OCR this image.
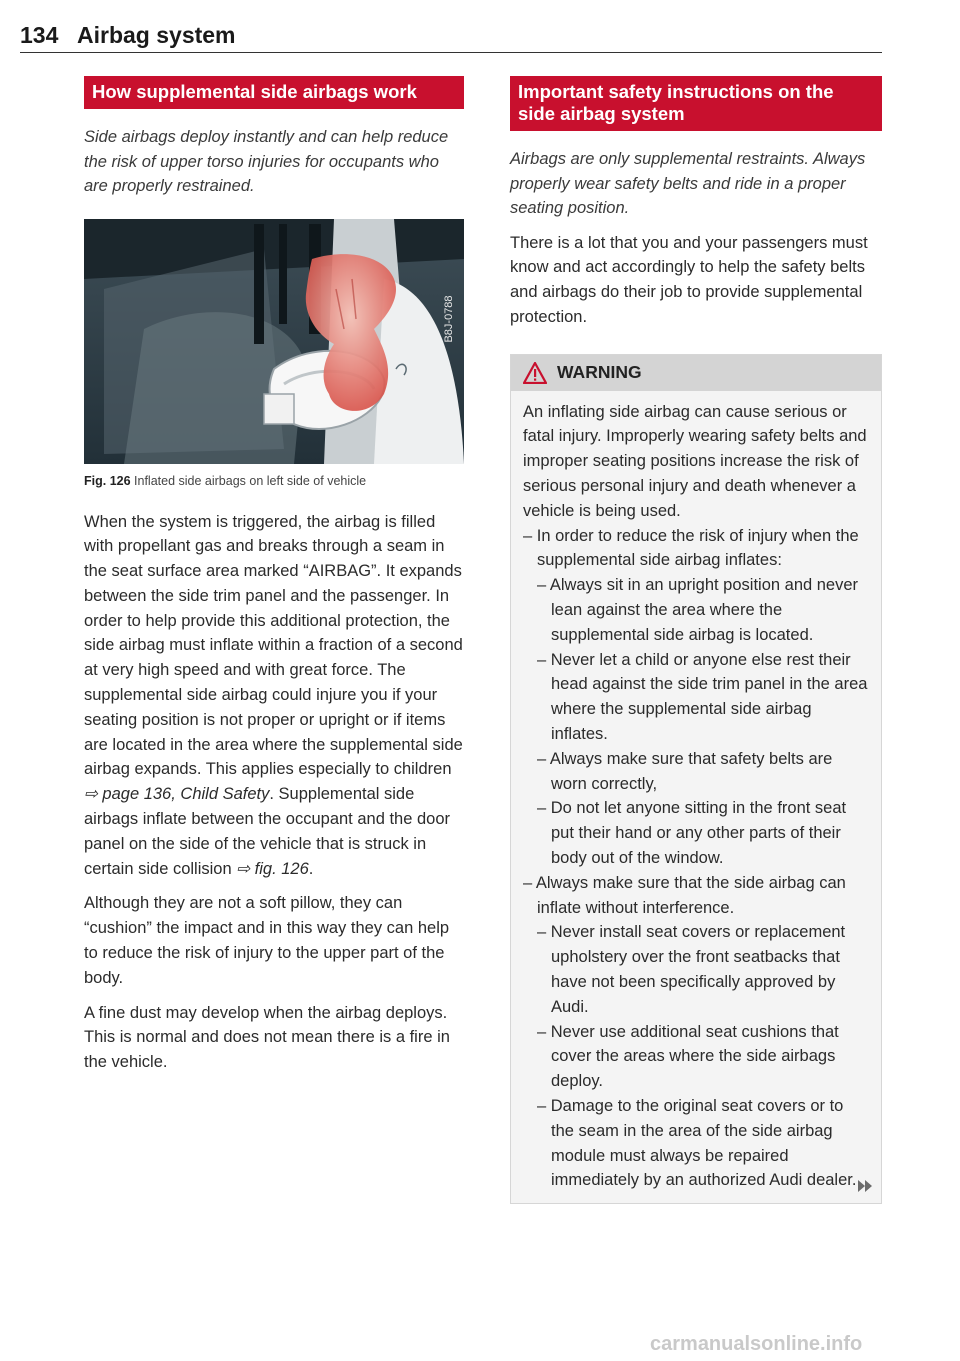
134 Airbag system
How supplemental side airbags work
Side airbags deploy instantly and can help reduce the risk of upper torso injuries for occupants who are properly restrained.
B8J-0788
Fig. 126 Inflated side airbags on left side of vehicle

When the system is triggered, the airbag is filled with propellant gas and breaks through a seam in the seat surface area marked “AIRBAG”. It expands between the side trim panel and the passenger. In order to help provide this additional protection, the side airbag must inflate within a fraction of a second at very high speed and with great force. The supplemental side airbag could injure you if your seating position is not proper or upright or if items are located in the area where the supplemental side airbag expands. This applies especially to children ⇨ page 136, Child Safety. Supplemental side airbags inflate between the occupant and the door panel on the side of the vehicle that is struck in certain side collision ⇨ fig. 126.

Although they are not a soft pillow, they can “cushion” the impact and in this way they can help to reduce the risk of injury to the upper part of the body.

A fine dust may develop when the airbag deploys. This is normal and does not mean there is a fire in the vehicle.

Important safety instructions on the side airbag system
Airbags are only supplemental restraints. Always properly wear safety belts and ride in a proper seating position.

There is a lot that you and your passengers must know and act accordingly to help the safety belts and airbags do their job to provide supplemental protection.

WARNING
An inflating side airbag can cause serious or fatal injury. Improperly wearing safety belts and improper seating positions increase the risk of serious personal injury and death whenever a vehicle is being used.
– In order to reduce the risk of injury when the supplemental side airbag inflates:
– Always sit in an upright position and never lean against the area where the supplemental side airbag is located.
– Never let a child or anyone else rest their head against the side trim panel in the area where the supplemental side airbag inflates.
– Always make sure that safety belts are worn correctly,
– Do not let anyone sitting in the front seat put their hand or any other parts of their body out of the window.
– Always make sure that the side airbag can inflate without interference.
– Never install seat covers or replacement upholstery over the front seatbacks that have not been specifically approved by Audi.
– Never use additional seat cushions that cover the areas where the side airbags deploy.
– Damage to the original seat covers or to the seam in the area of the side airbag module must always be repaired immediately by an authorized Audi dealer.
carmanualsonline.info
